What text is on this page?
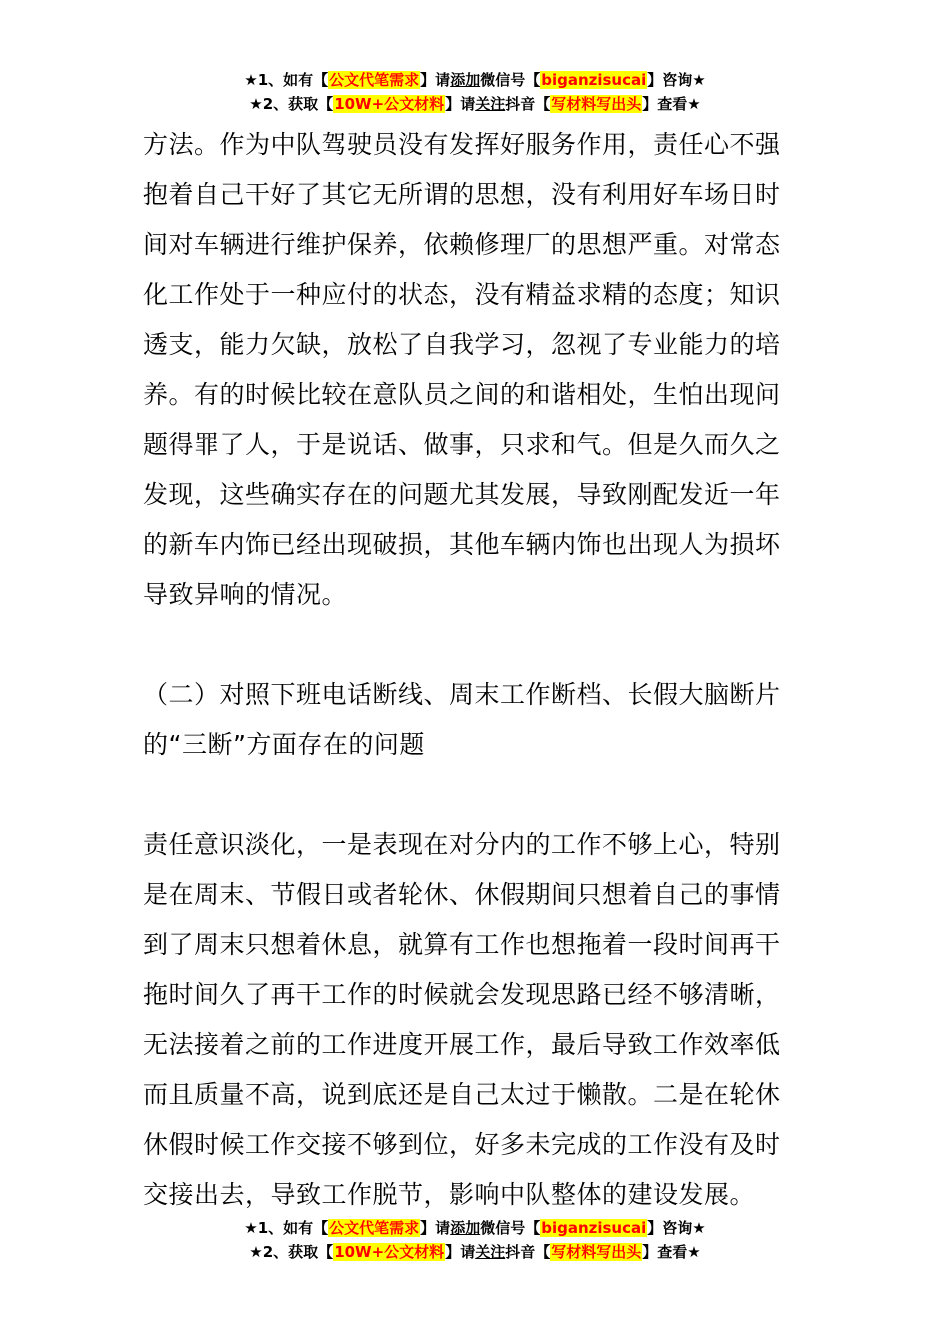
★1、如有【公文代笔需求】请添加微信号【biganzisucai】咨询★
★2、获取【10W+公文材料】请关注抖音【写材料写出头】查看★

方法。作为中队驾驶员没有发挥好服务作用，责任心不强

抱着自己干好了其它无所谓的思想，没有利用好车场日时

间对车辆进行维护保养，依赖修理厂的思想严重。对常态

化工作处于一种应付的状态，没有精益求精的态度；知识

透支，能力欠缺，放松了自我学习，忽视了专业能力的培

养。有的时候比较在意队员之间的和谐相处，生怕出现问

题得罪了人，于是说话、做事，只求和气。但是久而久之

发现，这些确实存在的问题尤其发展，导致刚配发近一年

的新车内饰已经出现破损，其他车辆内饰也出现人为损坏

导致异响的情况。

（二）对照下班电话断线、周末工作断档、长假大脑断片

的“三断”方面存在的问题

责任意识淡化，一是表现在对分内的工作不够上心，特别

是在周末、节假日或者轮休、休假期间只想着自己的事情

到了周末只想着休息，就算有工作也想拖着一段时间再干

拖时间久了再干工作的时候就会发现思路已经不够清晰，

无法接着之前的工作进度开展工作，最后导致工作效率低

而且质量不高，说到底还是自己太过于懒散。二是在轮休

休假时候工作交接不够到位，好多未完成的工作没有及时

交接出去，导致工作脱节，影响中队整体的建设发展。

★1、如有【公文代笔需求】请添加微信号【biganzisucai】咨询★
★2、获取【10W+公文材料】请关注抖音【写材料写出头】查看★
